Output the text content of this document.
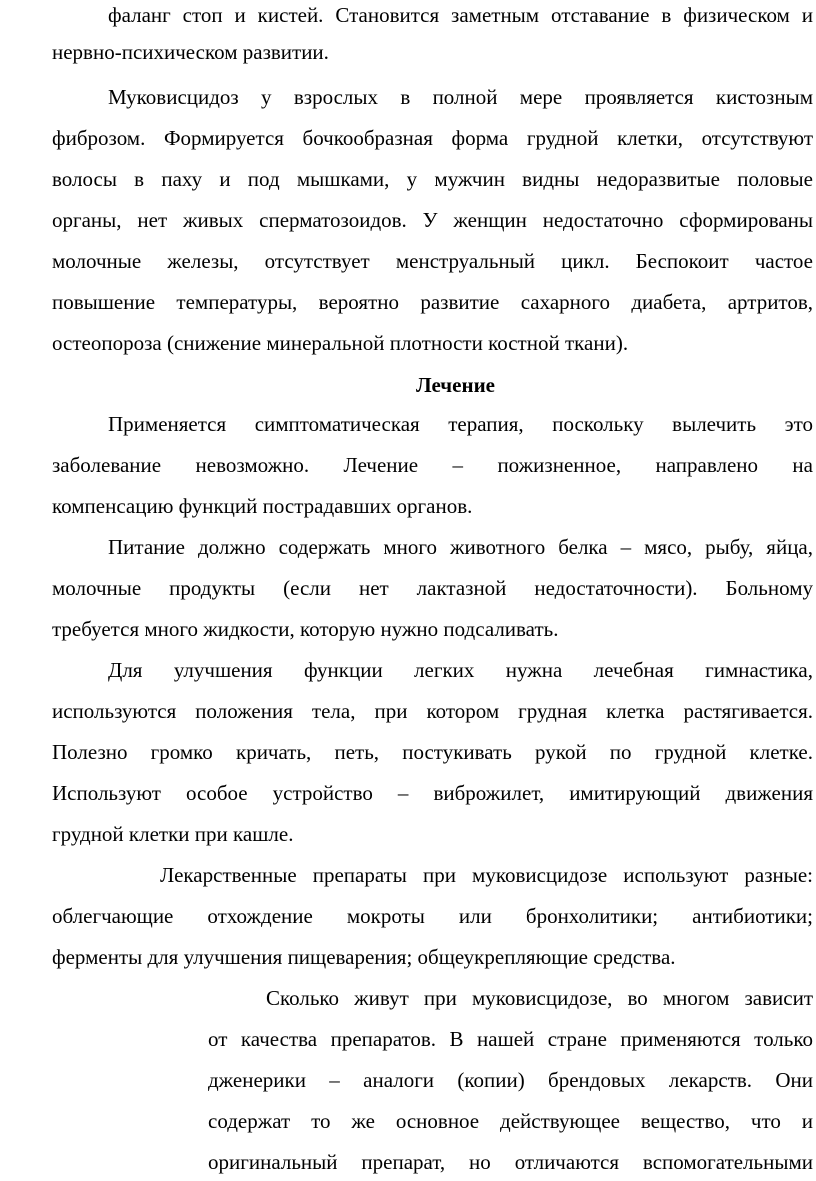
фаланг стоп и кистей. Становится заметным отставание в физическом и

нервно-психическом развитии.

Муковисцидоз у взрослых в полной мере проявляется кистозным

фиброзом. Формируется бочкообразная форма грудной клетки, отсутствуют

волосы в паху и под мышками, у мужчин видны недоразвитые половые

органы, нет живых сперматозоидов. У женщин недостаточно сформированы

молочные железы, отсутствует менструальный цикл. Беспокоит частое

повышение температуры, вероятно развитие сахарного диабета, артритов,

остеопороза (снижение минеральной плотности костной ткани).

Лечение

Применяется симптоматическая терапия, поскольку вылечить это

заболевание невозможно. Лечение – пожизненное, направлено на

компенсацию функций пострадавших органов.

Питание должно содержать много животного белка – мясо, рыбу, яйца,

молочные продукты (если нет лактазной недостаточности). Больному

требуется много жидкости, которую нужно подсаливать.

Для улучшения функции легких нужна лечебная гимнастика,

используются положения тела, при котором грудная клетка растягивается.

Полезно громко кричать, петь, постукивать рукой по грудной клетке.

Используют особое устройство – виброжилет, имитирующий движения

грудной клетки при кашле.

Лекарственные препараты при муковисцидозе используют разные:

облегчающие отхождение мокроты или бронхолитики; антибиотики;

ферменты для улучшения пищеварения; общеукрепляющие средства.

Сколько живут при муковисцидозе, во многом зависит

от качества препаратов. В нашей стране применяются только

дженерики – аналоги (копии) брендовых лекарств. Они

содержат то же основное действующее вещество, что и

оригинальный препарат, но отличаются вспомогательными
